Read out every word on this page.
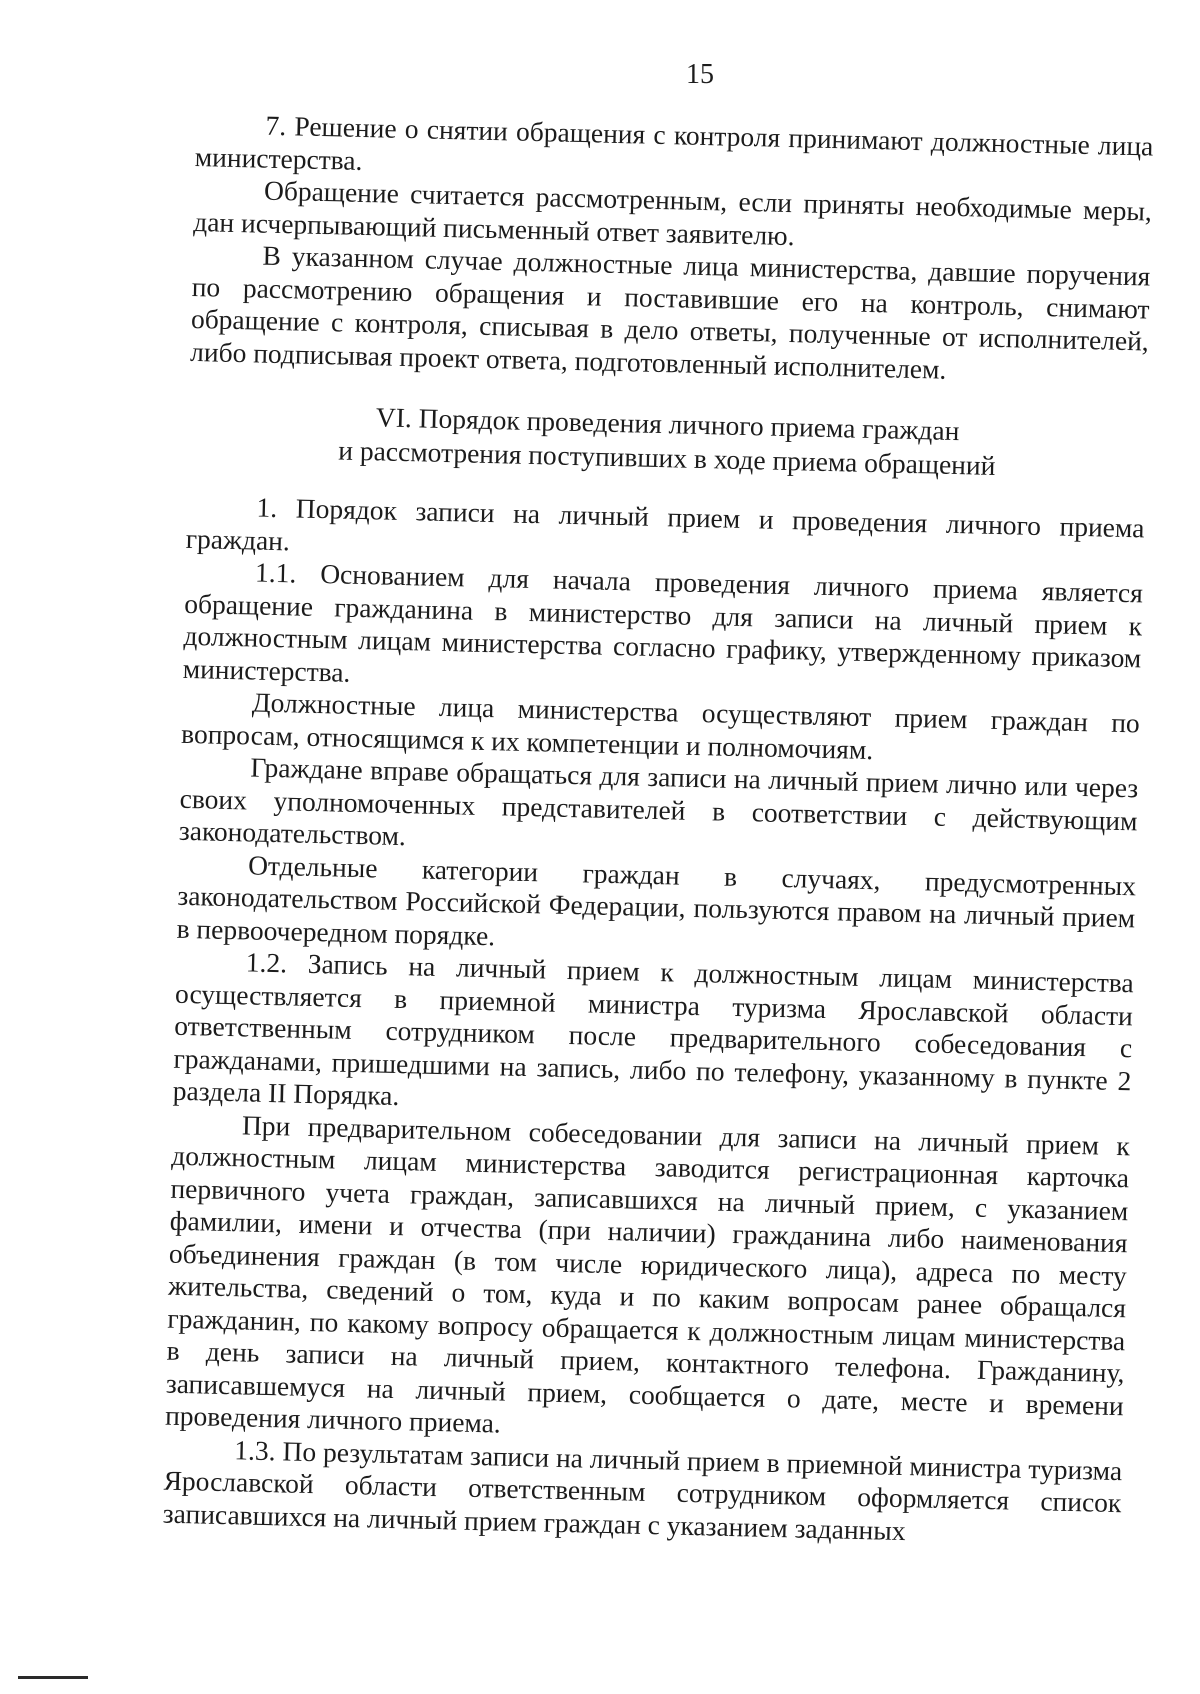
15

7. Решение о снятии обращения с контроля принимают должностные лица министерства.

Обращение считается рассмотренным, если приняты необходимые меры, дан исчерпывающий письменный ответ заявителю.

В указанном случае должностные лица министерства, давшие поручения по рассмотрению обращения и поставившие его на контроль, снимают обращение с контроля, списывая в дело ответы, полученные от исполнителей, либо подписывая проект ответа, подготовленный исполнителем.

VI. Порядок проведения личного приема граждан
и рассмотрения поступивших в ходе приема обращений

1. Порядок записи на личный прием и проведения личного приема граждан.

1.1. Основанием для начала проведения личного приема является обращение гражданина в министерство для записи на личный прием к должностным лицам министерства согласно графику, утвержденному приказом министерства.

Должностные лица министерства осуществляют прием граждан по вопросам, относящимся к их компетенции и полномочиям.

Граждане вправе обращаться для записи на личный прием лично или через своих уполномоченных представителей в соответствии с действующим законодательством.

Отдельные категории граждан в случаях, предусмотренных законодательством Российской Федерации, пользуются правом на личный прием в первоочередном порядке.

1.2. Запись на личный прием к должностным лицам министерства осуществляется в приемной министра туризма Ярославской области ответственным сотрудником после предварительного собеседования с гражданами, пришедшими на запись, либо по телефону, указанному в пункте 2 раздела II Порядка.

При предварительном собеседовании для записи на личный прием к должностным лицам министерства заводится регистрационная карточка первичного учета граждан, записавшихся на личный прием, с указанием фамилии, имени и отчества (при наличии) гражданина либо наименования объединения граждан (в том числе юридического лица), адреса по месту жительства, сведений о том, куда и по каким вопросам ранее обращался гражданин, по какому вопросу обращается к должностным лицам министерства в день записи на личный прием, контактного телефона. Гражданину, записавшемуся на личный прием, сообщается о дате, месте и времени проведения личного приема.

1.3. По результатам записи на личный прием в приемной министра туризма Ярославской области ответственным сотрудником оформляется список записавшихся на личный прием граждан с указанием заданных
